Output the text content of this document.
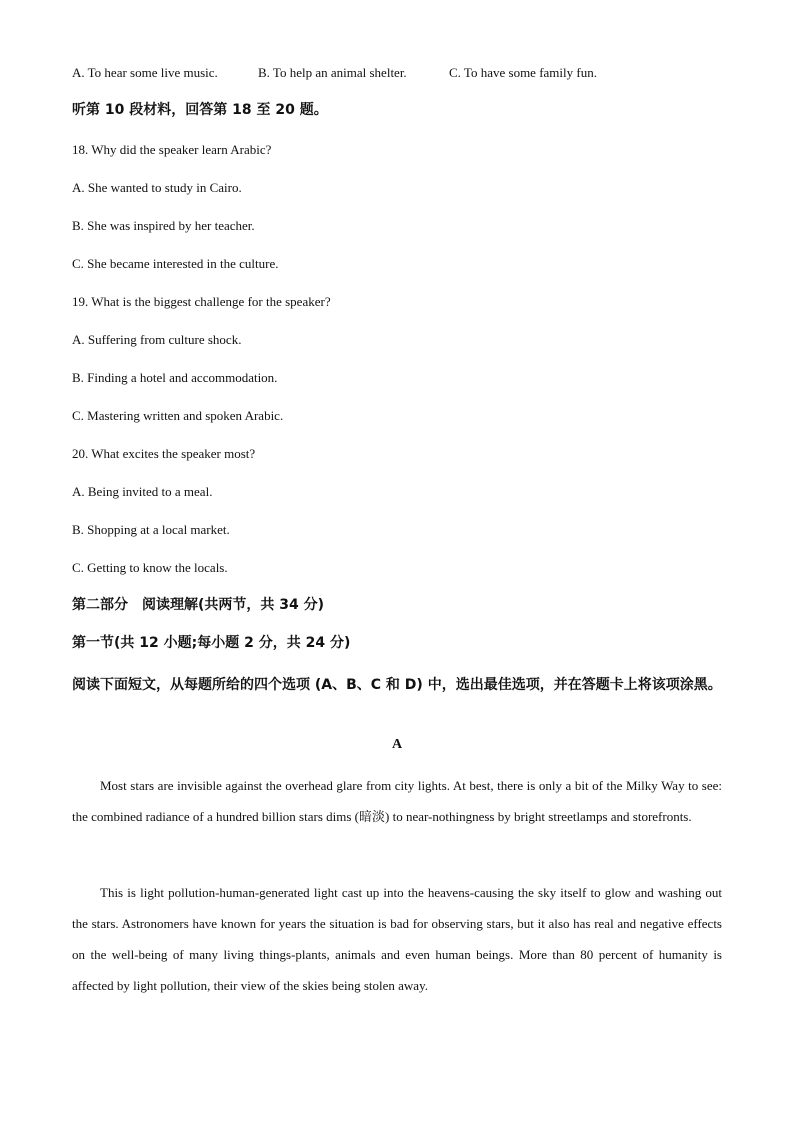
A. To hear some live music.	B. To help an animal shelter.	C. To have some family fun.
听第 10 段材料，回答第 18 至 20 题。
18. Why did the speaker learn Arabic?
A. She wanted to study in Cairo.
B. She was inspired by her teacher.
C. She became interested in the culture.
19. What is the biggest challenge for the speaker?
A. Suffering from culture shock.
B. Finding a hotel and accommodation.
C. Mastering written and spoken Arabic.
20. What excites the speaker most?
A. Being invited to a meal.
B. Shopping at a local market.
C. Getting to know the locals.
第二部分　阅读理解(共两节，共 34 分)
第一节(共 12 小题;每小题 2 分，共 24 分)
阅读下面短文，从每题所给的四个选项 (A、B、C 和 D) 中，选出最佳选项，并在答题卡上将该项涂黑。
A
Most stars are invisible against the overhead glare from city lights. At best, there is only a bit of the Milky Way to see: the combined radiance of a hundred billion stars dims (暗淡) to near-nothingness by bright streetlamps and storefronts.
This is light pollution-human-generated light cast up into the heavens-causing the sky itself to glow and washing out the stars. Astronomers have known for years the situation is bad for observing stars, but it also has real and negative effects on the well-being of many living things-plants, animals and even human beings. More than 80 percent of humanity is affected by light pollution, their view of the skies being stolen away.
